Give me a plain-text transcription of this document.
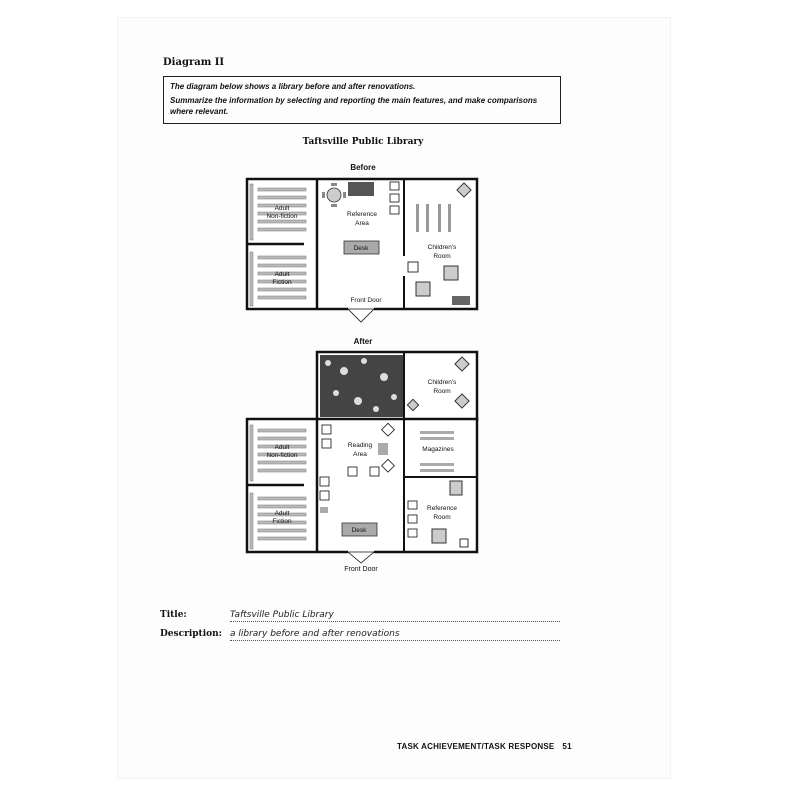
Diagram II
The diagram below shows a library before and after renovations.
Summarize the information by selecting and reporting the main features, and make comparisons where relevant.
Taftsville Public Library
Before
Adult
Non-fiction
Adult
Fiction
Reference
Area
Desk	Children's
Room
Front Door
After
Children's
Room
Adult
Non-fiction
Adult
Fiction
Reading
Area
Magazines
Reference
Room
Desk
Front Door
Title:	Taftsville Public Library
Description: a library before and after renovations
TASK ACHIEVEMENT/TASK RESPONSE 51
